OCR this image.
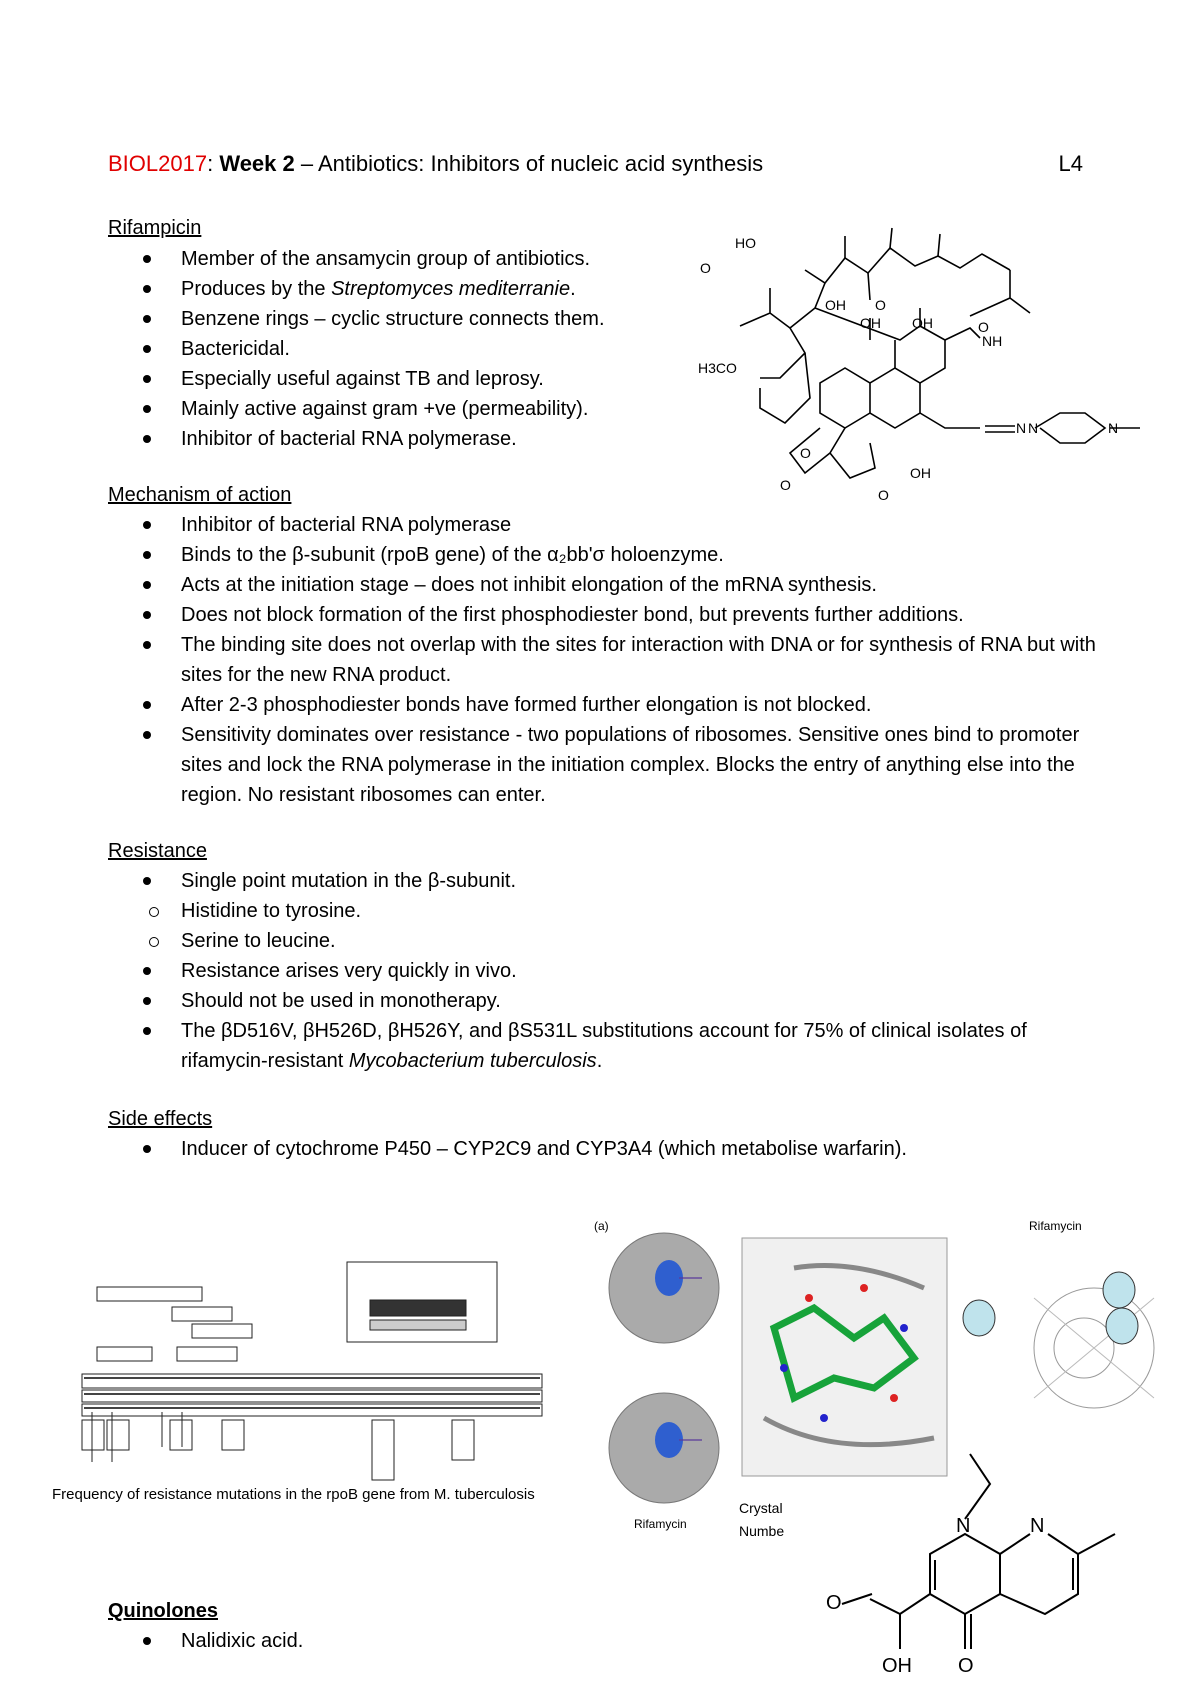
BIOL2017: Week 2 – Antibiotics: Inhibitors of nucleic acid synthesis	L4
Rifampicin
Member of the ansamycin group of antibiotics.
Produces by the Streptomyces mediterranie.
Benzene rings – cyclic structure connects them.
Bactericidal.
Especially useful against TB and leprosy.
Mainly active against gram +ve (permeability).
Inhibitor of bacterial RNA polymerase.
HO
O
OH O
OH OH	O
NH
H3CO
N N	N
OH
O
O
O
Mechanism of action
Inhibitor of bacterial RNA polymerase
Binds to the β-subunit (rpoB gene) of the α₂bb'σ holoenzyme.
Acts at the initiation stage – does not inhibit elongation of the mRNA synthesis.
Does not block formation of the first phosphodiester bond, but prevents further additions.
The binding site does not overlap with the sites for interaction with DNA or for synthesis of RNA but with sites for the new RNA product.
After 2-3 phosphodiester bonds have formed further elongation is not blocked.
Sensitivity dominates over resistance - two populations of ribosomes. Sensitive ones bind to promoter sites and lock the RNA polymerase in the initiation complex. Blocks the entry of anything else into the region. No resistant ribosomes can enter.
Resistance
Single point mutation in the β-subunit.
Histidine to tyrosine.
Serine to leucine.
Resistance arises very quickly in vivo.
Should not be used in monotherapy.
The βD516V, βH526D, βH526Y, and βS531L substitutions account for 75% of clinical isolates of rifamycin-resistant Mycobacterium tuberculosis.
Side effects
Inducer of cytochrome P450 – CYP2C9 and CYP3A4 (which metabolise warfarin).
Frequency of resistance mutations in the rpoB gene from M. tuberculosis
(a)
Rifamycin
Rifamycin
Crystal
Numbe
Quinolones
Nalidixic acid.
N	N
O
O
OH
